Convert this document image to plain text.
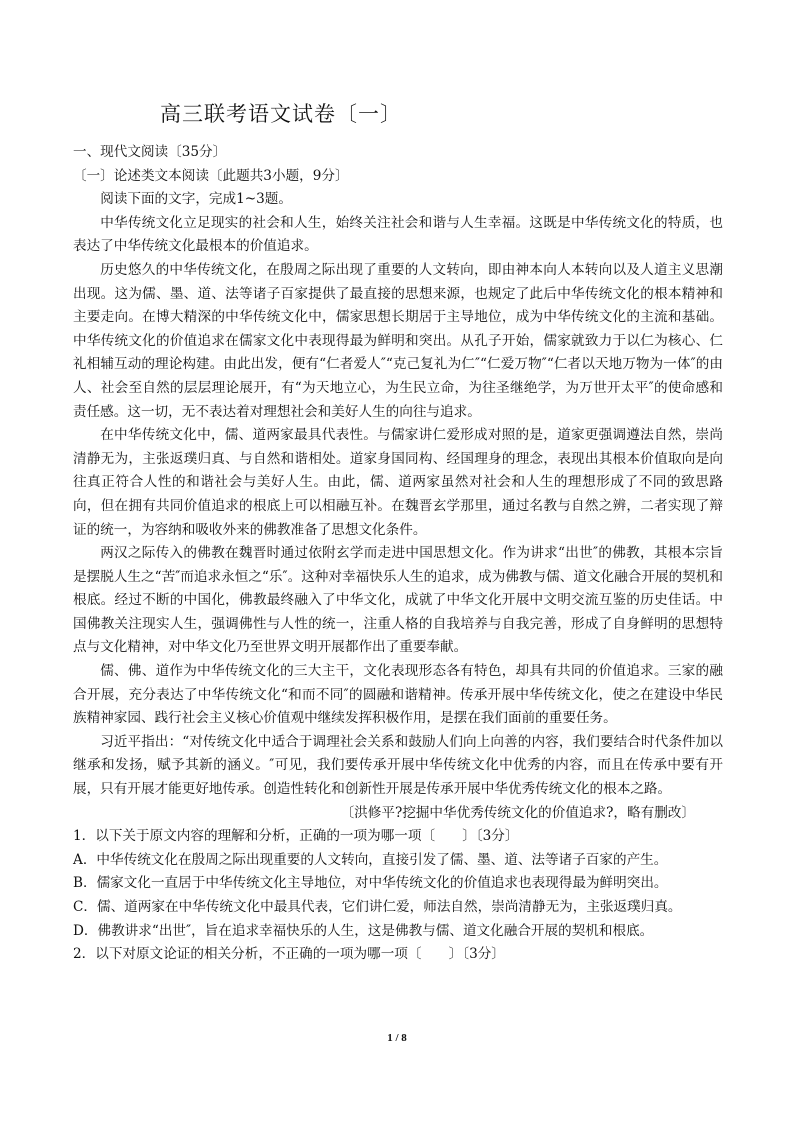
高三联考语文试卷〔一〕

一、现代文阅读〔35分〕

〔一〕论述类文本阅读〔此题共3小题，9分〕

阅读下面的文字，完成1~3题。

中华传统文化立足现实的社会和人生，始终关注社会和谐与人生幸福。这既是中华传统文化的特质，也表达了中华传统文化最根本的价值追求。

历史悠久的中华传统文化，在殷周之际出现了重要的人文转向，即由神本向人本转向以及人道主义思潮出现。这为儒、墨、道、法等诸子百家提供了最直接的思想来源，也规定了此后中华传统文化的根本精神和主要走向。在博大精深的中华传统文化中，儒家思想长期居于主导地位，成为中华传统文化的主流和基础。中华传统文化的价值追求在儒家文化中表现得最为鲜明和突出。从孔子开始，儒家就致力于以仁为核心、仁礼相辅互动的理论构建。由此出发，便有“仁者爱人″“克己复礼为仁″“仁爱万物″“仁者以天地万物为一体″的由人、社会至自然的层层理论展开，有“为天地立心，为生民立命，为往圣继绝学，为万世开太平″的使命感和责任感。这一切，无不表达着对理想社会和美好人生的向往与追求。

在中华传统文化中，儒、道两家最具代表性。与儒家讲仁爱形成对照的是，道家更强调遵法自然，崇尚清静无为，主张返璞归真、与自然和谐相处。道家身国同构、经国理身的理念，表现出其根本价值取向是向往真正符合人性的和谐社会与美好人生。由此，儒、道两家虽然对社会和人生的理想形成了不同的致思路向，但在拥有共同价值追求的根底上可以相融互补。在魏晋玄学那里，通过名教与自然之辨，二者实现了辩证的统一，为容纳和吸收外来的佛教准备了思想文化条件。

两汉之际传入的佛教在魏晋时通过依附玄学而走进中国思想文化。作为讲求“出世″的佛教，其根本宗旨是摆脱人生之“苦″而追求永恒之“乐″。这种对幸福快乐人生的追求，成为佛教与儒、道文化融合开展的契机和根底。经过不断的中国化，佛教最终融入了中华文化，成就了中华文化开展中文明交流互鉴的历史佳话。中国佛教关注现实人生，强调佛性与人性的统一，注重人格的自我培养与自我完善，形成了自身鲜明的思想特点与文化精神，对中华文化乃至世界文明开展都作出了重要奉献。

儒、佛、道作为中华传统文化的三大主干，文化表现形态各有特色，却具有共同的价值追求。三家的融合开展，充分表达了中华传统文化“和而不同″的圆融和谐精神。传承开展中华传统文化，使之在建设中华民族精神家园、践行社会主义核心价值观中继续发挥积极作用，是摆在我们面前的重要任务。

习近平指出：“对传统文化中适合于调理社会关系和鼓励人们向上向善的内容，我们要结合时代条件加以继承和发扬，赋予其新的涵义。″可见，我们要传承开展中华传统文化中优秀的内容，而且在传承中要有开展，只有开展才能更好地传承。创造性转化和创新性开展是传承开展中华优秀传统文化的根本之路。

〔洪修平?挖掘中华优秀传统文化的价值追求?，略有删改〕

1．以下关于原文内容的理解和分析，正确的一项为哪一项〔　　〕〔3分〕

A．中华传统文化在殷周之际出现重要的人文转向，直接引发了儒、墨、道、法等诸子百家的产生。

B．儒家文化一直居于中华传统文化主导地位，对中华传统文化的价值追求也表现得最为鲜明突出。

C．儒、道两家在中华传统文化中最具代表，它们讲仁爱，师法自然，崇尚清静无为，主张返璞归真。

D．佛教讲求“出世″，旨在追求幸福快乐的人生，这是佛教与儒、道文化融合开展的契机和根底。

2．以下对原文论证的相关分析，不正确的一项为哪一项〔　　〕〔3分〕

1 / 8
